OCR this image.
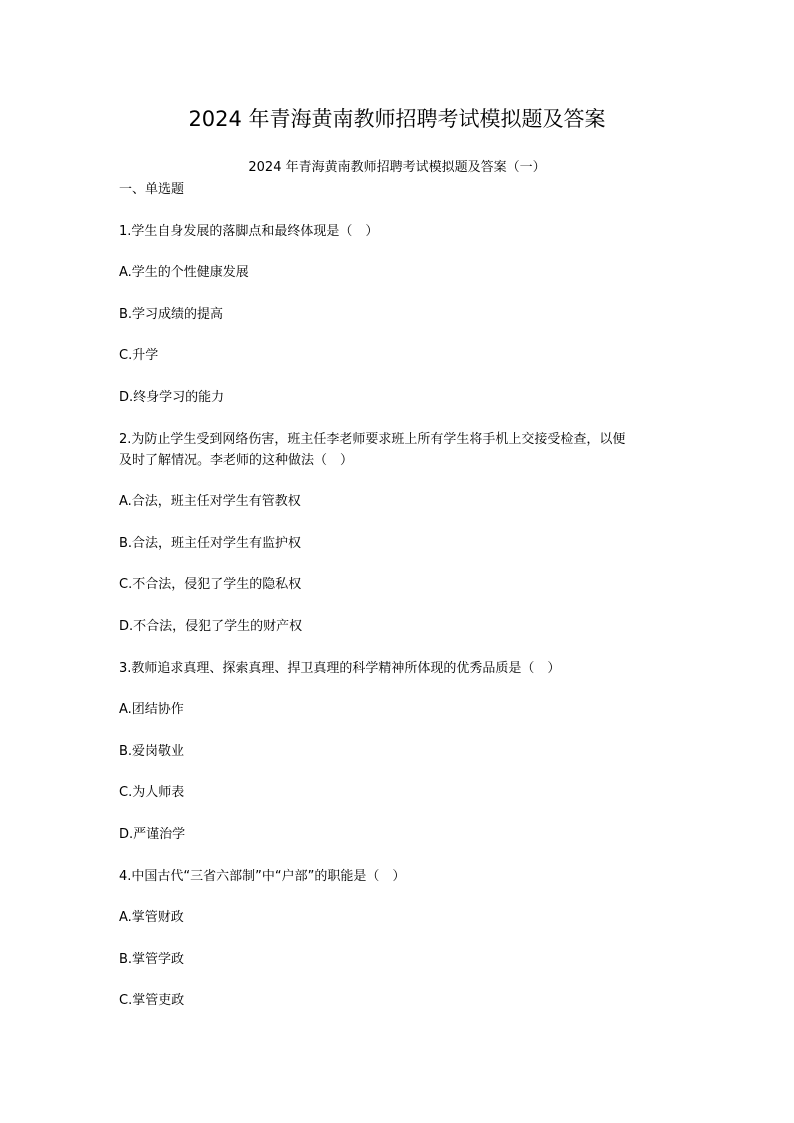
2024 年青海黄南教师招聘考试模拟题及答案
2024 年青海黄南教师招聘考试模拟题及答案（一）
一、单选题
1.学生自身发展的落脚点和最终体现是（　）
A.学生的个性健康发展
B.学习成绩的提高
C.升学
D.终身学习的能力
2.为防止学生受到网络伤害，班主任李老师要求班上所有学生将手机上交接受检查，以便
及时了解情况。李老师的这种做法（　）
A.合法，班主任对学生有管教权
B.合法，班主任对学生有监护权
C.不合法，侵犯了学生的隐私权
D.不合法，侵犯了学生的财产权
3.教师追求真理、探索真理、捍卫真理的科学精神所体现的优秀品质是（　）
A.团结协作
B.爱岗敬业
C.为人师表
D.严谨治学
4.中国古代“三省六部制”中“户部”的职能是（　）
A.掌管财政
B.掌管学政
C.掌管吏政
